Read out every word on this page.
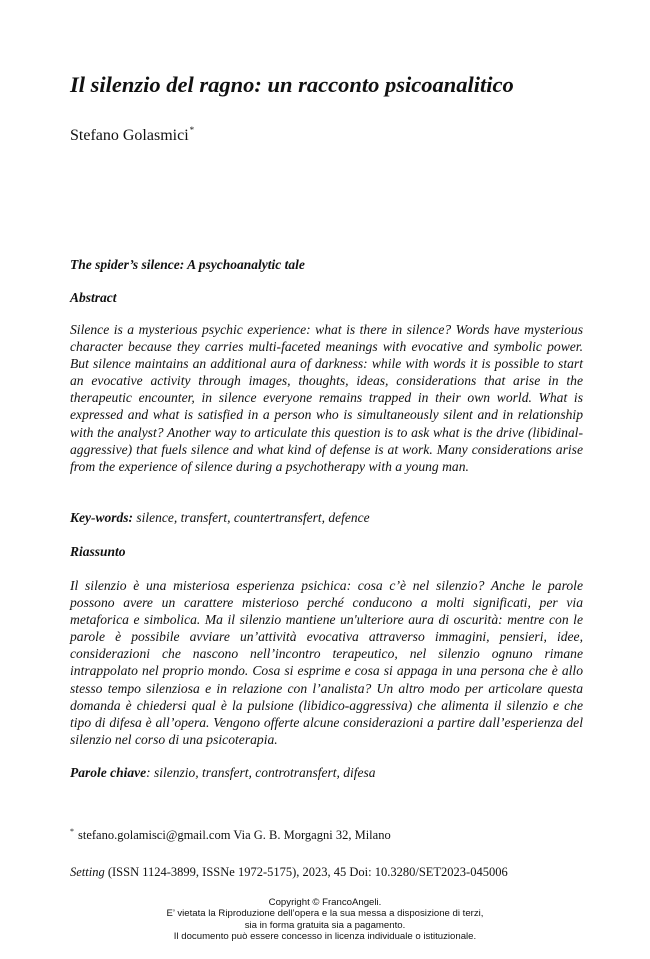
Il silenzio del ragno: un racconto psicoanalitico
Stefano Golasmici*
The spider’s silence: A psychoanalytic tale
Abstract

Silence is a mysterious psychic experience: what is there in silence? Words have mysterious character because they carries multi-faceted meanings with evocative and symbolic power. But silence maintains an additional aura of darkness: while with words it is possible to start an evocative activity through images, thoughts, ideas, considerations that arise in the therapeutic encounter, in silence everyone remains trapped in their own world. What is expressed and what is satisfied in a person who is simultaneously silent and in relationship with the analyst? Another way to articulate this question is to ask what is the drive (libidinal-aggressive) that fuels silence and what kind of defense is at work. Many considerations arise from the experience of silence during a psychotherapy with a young man.

Key-words: silence, transfert, countertransfert, defence
Riassunto

Il silenzio è una misteriosa esperienza psichica: cosa c’è nel silenzio? Anche le parole possono avere un carattere misterioso perché conducono a molti significati, per via metaforica e simbolica. Ma il silenzio mantiene un'ulteriore aura di oscurità: mentre con le parole è possibile avviare un’attività evocativa attraverso immagini, pensieri, idee, considerazioni che nascono nell’incontro terapeutico, nel silenzio ognuno rimane intrappolato nel proprio mondo. Cosa si esprime e cosa si appaga in una persona che è allo stesso tempo silenziosa e in relazione con l’analista? Un altro modo per articolare questa domanda è chiedersi qual è la pulsione (libidico-aggressiva) che alimenta il silenzio e che tipo di difesa è all’opera. Vengono offerte alcune considerazioni a partire dall’esperienza del silenzio nel corso di una psicoterapia.

Parole chiave: silenzio, transfert, controtransfert, difesa
* stefano.golamisci@gmail.com Via G. B. Morgagni 32, Milano
Setting (ISSN 1124-3899, ISSNe 1972-5175), 2023, 45 Doi: 10.3280/SET2023-045006
Copyright © FrancoAngeli.
E’ vietata la Riproduzione dell’opera e la sua messa a disposizione di terzi,
sia in forma gratuita sia a pagamento.
Il documento può essere concesso in licenza individuale o istituzionale.
